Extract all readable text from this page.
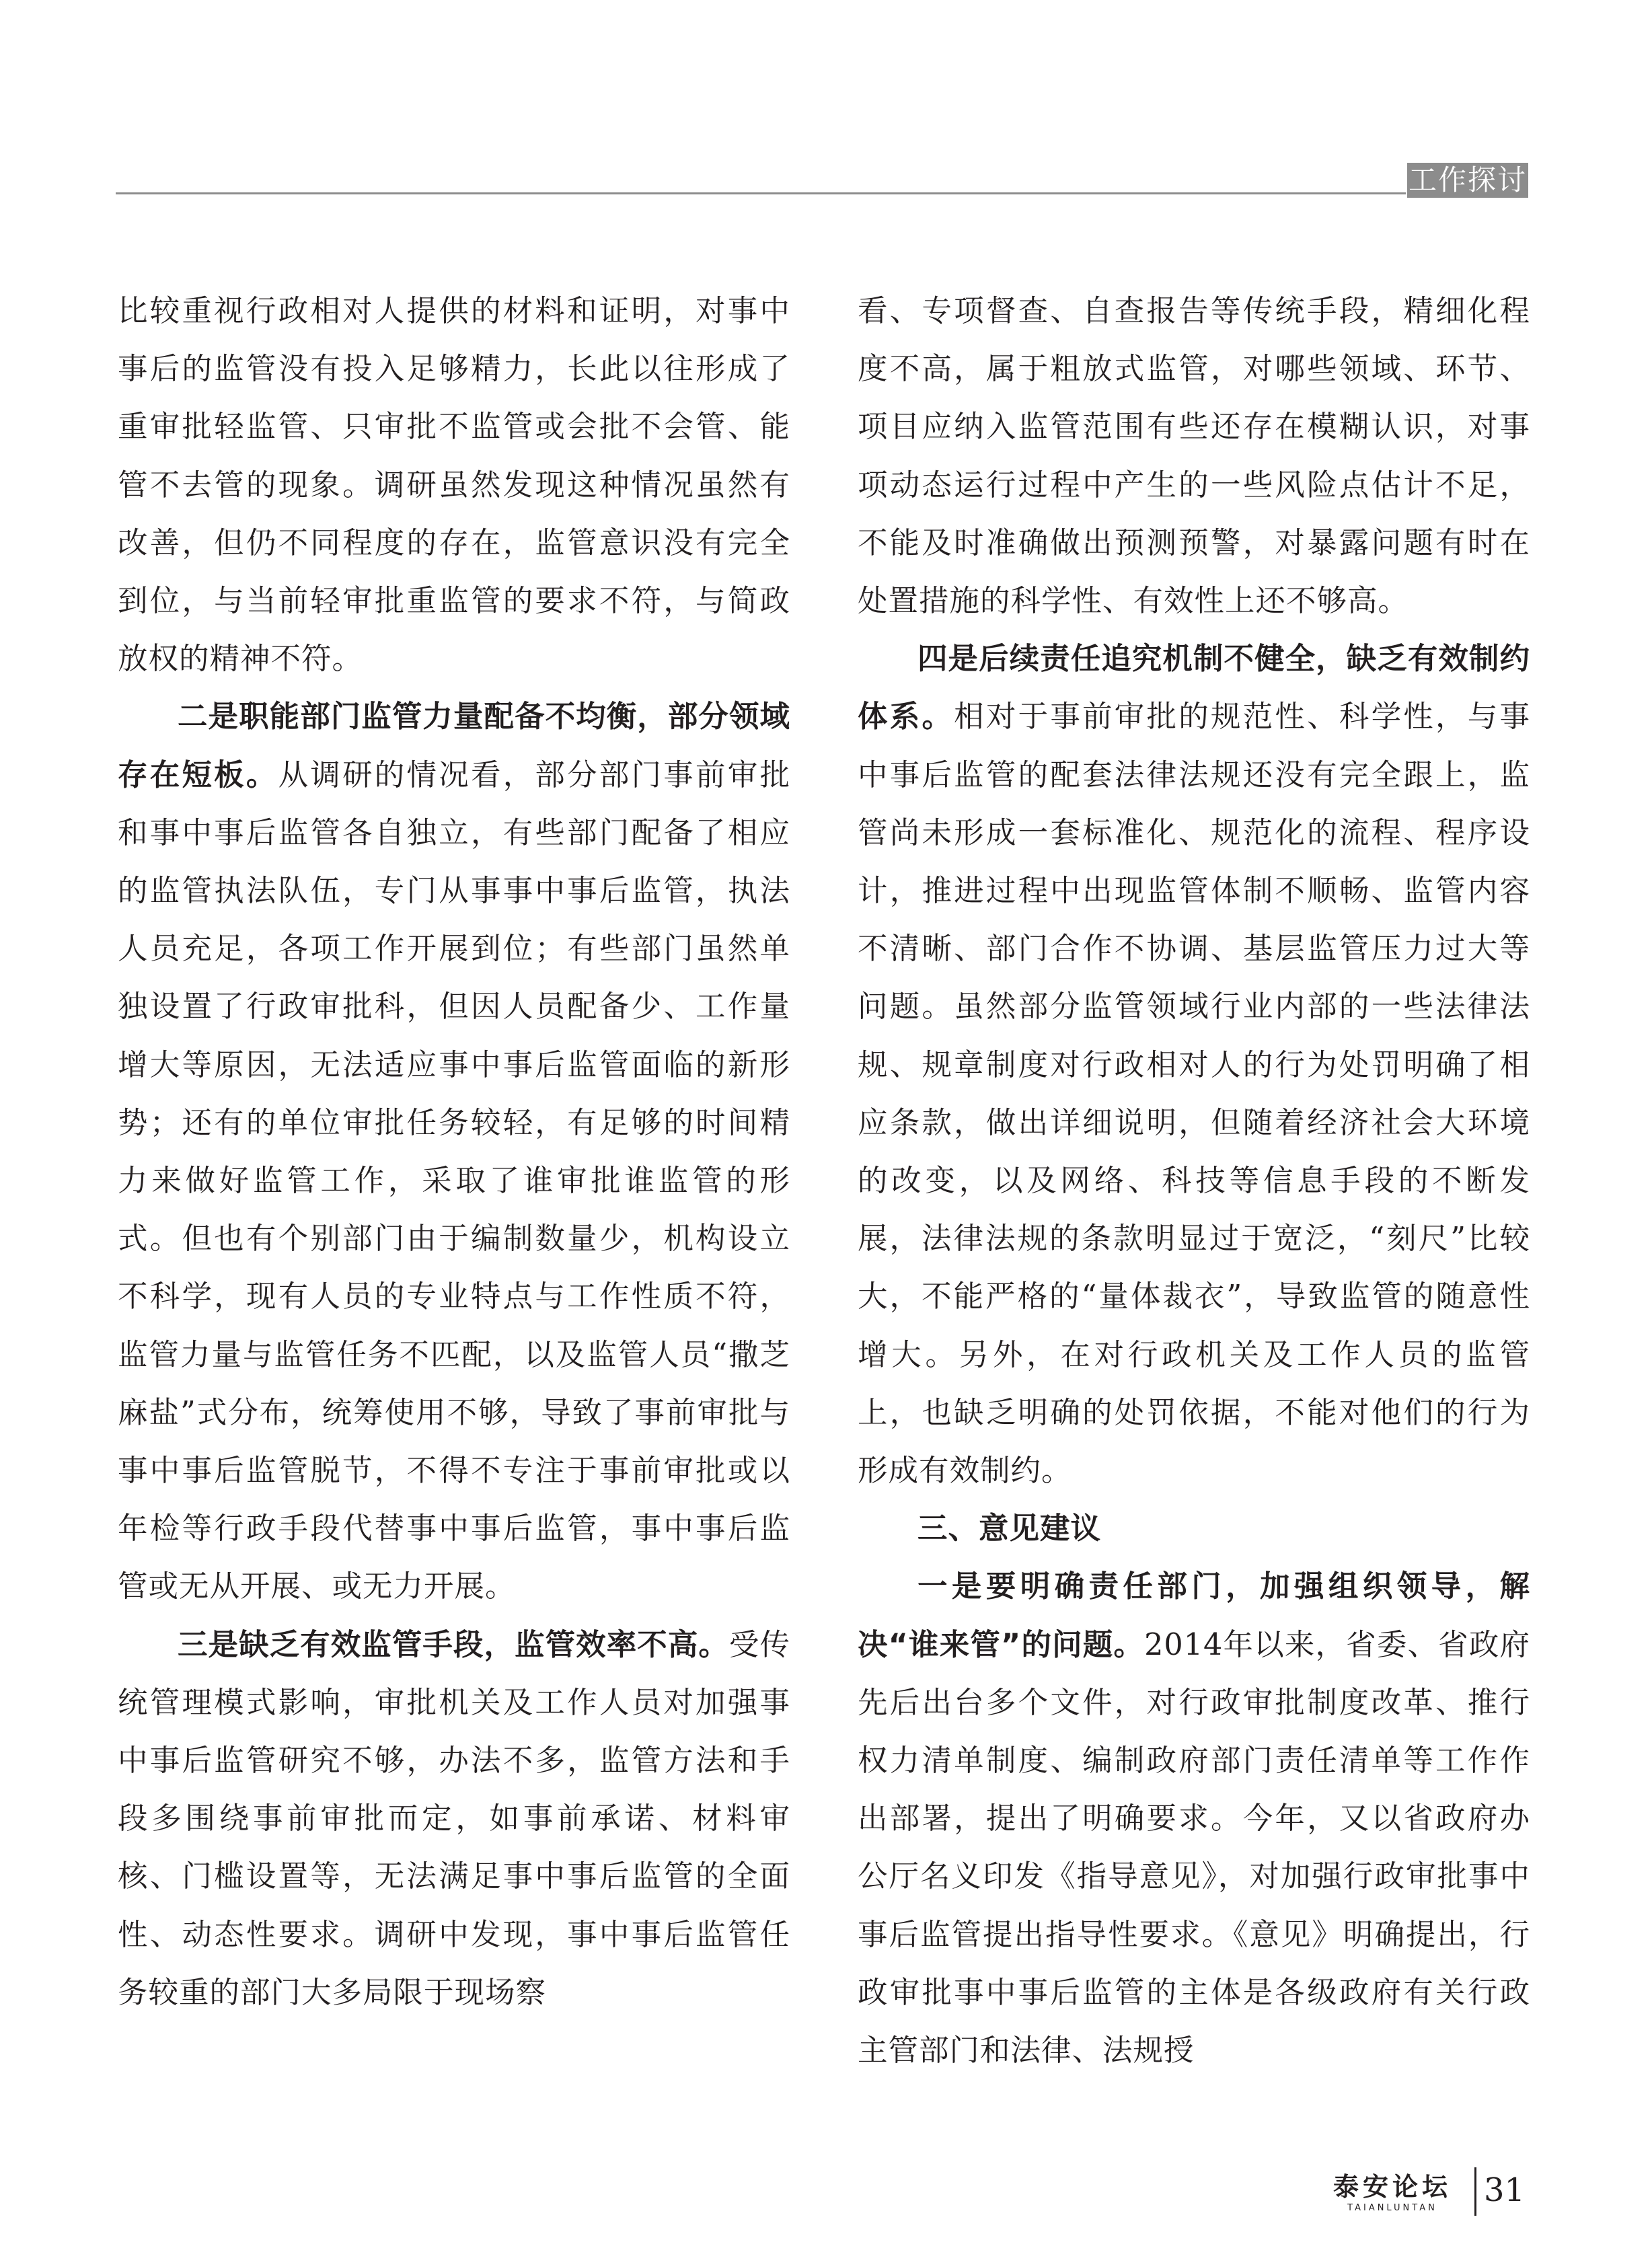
工作探讨

比较重视行政相对人提供的材料和证明，对事中事后的监管没有投入足够精力，长此以往形成了重审批轻监管、只审批不监管或会批不会管、能管不去管的现象。调研虽然发现这种情况虽然有改善，但仍不同程度的存在，监管意识没有完全到位，与当前轻审批重监管的要求不符，与简政放权的精神不符。

二是职能部门监管力量配备不均衡，部分领域存在短板。从调研的情况看，部分部门事前审批和事中事后监管各自独立，有些部门配备了相应的监管执法队伍，专门从事事中事后监管，执法人员充足，各项工作开展到位；有些部门虽然单独设置了行政审批科，但因人员配备少、工作量增大等原因，无法适应事中事后监管面临的新形势；还有的单位审批任务较轻，有足够的时间精力来做好监管工作，采取了谁审批谁监管的形式。但也有个别部门由于编制数量少，机构设立不科学，现有人员的专业特点与工作性质不符，监管力量与监管任务不匹配，以及监管人员“撒芝麻盐”式分布，统筹使用不够，导致了事前审批与事中事后监管脱节，不得不专注于事前审批或以年检等行政手段代替事中事后监管，事中事后监管或无从开展、或无力开展。

三是缺乏有效监管手段，监管效率不高。受传统管理模式影响，审批机关及工作人员对加强事中事后监管研究不够，办法不多，监管方法和手段多围绕事前审批而定，如事前承诺、材料审核、门槛设置等，无法满足事中事后监管的全面性、动态性要求。调研中发现，事中事后监管任务较重的部门大多局限于现场察

看、专项督查、自查报告等传统手段，精细化程度不高，属于粗放式监管，对哪些领域、环节、项目应纳入监管范围有些还存在模糊认识，对事项动态运行过程中产生的一些风险点估计不足，不能及时准确做出预测预警，对暴露问题有时在处置措施的科学性、有效性上还不够高。

四是后续责任追究机制不健全，缺乏有效制约体系。相对于事前审批的规范性、科学性，与事中事后监管的配套法律法规还没有完全跟上，监管尚未形成一套标准化、规范化的流程、程序设计，推进过程中出现监管体制不顺畅、监管内容不清晰、部门合作不协调、基层监管压力过大等问题。虽然部分监管领域行业内部的一些法律法规、规章制度对行政相对人的行为处罚明确了相应条款，做出详细说明，但随着经济社会大环境的改变，以及网络、科技等信息手段的不断发展，法律法规的条款明显过于宽泛，“刻尺”比较大，不能严格的“量体裁衣”，导致监管的随意性增大。另外，在对行政机关及工作人员的监管上，也缺乏明确的处罚依据，不能对他们的行为形成有效制约。

三、意见建议

一是要明确责任部门，加强组织领导，解决“谁来管”的问题。2014年以来，省委、省政府先后出台多个文件，对行政审批制度改革、推行权力清单制度、编制政府部门责任清单等工作作出部署，提出了明确要求。今年，又以省政府办公厅名义印发《指导意见》，对加强行政审批事中事后监管提出指导性要求。《意见》明确提出，行政审批事中事后监管的主体是各级政府有关行政主管部门和法律、法规授

泰安论坛
TAIANLUNTAN	31
